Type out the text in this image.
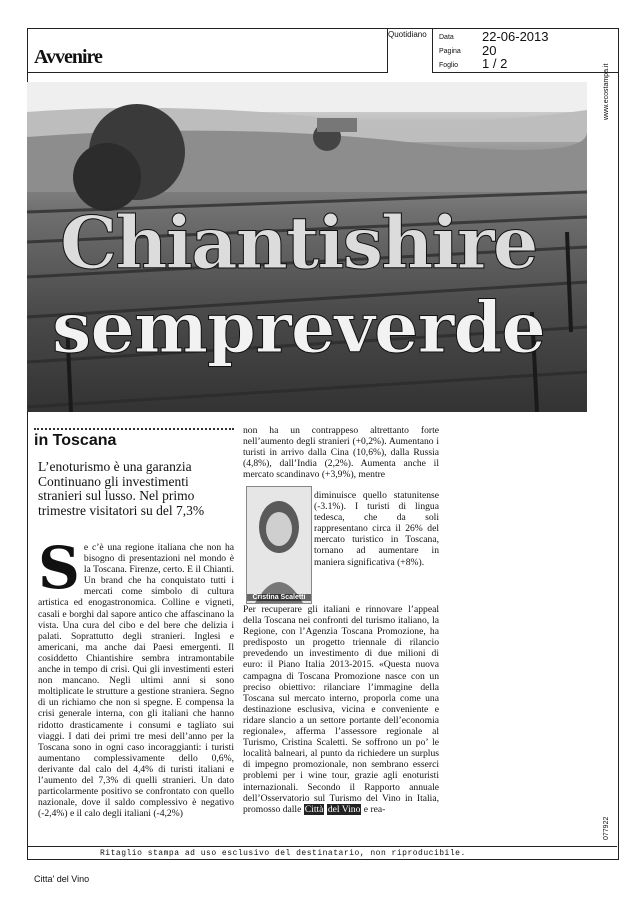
Avvenire
Quotidiano Data 22-06-2013
Pagina 20
Foglio 1 / 2
www.ecostampa.it
077922
Chiantishire
sempreverde
in Toscana
L’enoturismo è una garanzia Continuano gli investimenti stranieri sul lusso. Nel primo trimestre visitatori su del 7,3%
S e c’è una regione italiana che non ha bisogno di presentazioni nel mondo è la Toscana. Firenze, certo. E il Chianti. Un brand che ha conquistato tutti i mercati come simbolo di cultura artistica ed enogastronomica. Colline e vigneti, casali e borghi dal sapore antico che affascinano la vista. Una cura del cibo e del bere che delizia i palati. Soprattutto degli stranieri. Inglesi e americani, ma anche dai Paesi emergenti. Il cosiddetto Chiantishire sembra intramontabile anche in tempo di crisi. Qui gli investimenti esteri non mancano. Negli ultimi anni si sono moltiplicate le strutture a gestione straniera. Segno di un richiamo che non si spegne. E compensa la crisi generale interna, con gli italiani che hanno ridotto drasticamente i consumi e tagliato sui viaggi. I dati dei primi tre mesi dell’anno per la Toscana sono in ogni caso incoraggianti: i turisti aumentano complessivamente dello 0,6%, derivante dal calo del 4,4% di turisti italiani e l’aumento del 7,3% di quelli stranieri. Un dato particolarmente positivo se confrontato con quello nazionale, dove il saldo complessivo è negativo (-2,4%) e il calo degli italiani (-4,2%)

non ha un contrappeso altrettanto forte nell’aumento degli stranieri (+0,2%). Aumentano i turisti in arrivo dalla Cina (10,6%), dalla Russia (4,8%), dall’India (2,2%). Aumenta anche il mercato scandinavo (+3,9%), mentre

Cristina Scaletti

diminuisce quello statunitense (-3.1%). I turisti di lingua tedesca, che da soli rappresentano circa il 26% del mercato turistico in Toscana, tornano ad aumentare in maniera significativa (+8%).

Per recuperare gli italiani e rinnovare l’appeal della Toscana nei confronti del turismo italiano, la Regione, con l’Agenzia Toscana Promozione, ha predisposto un progetto triennale di rilancio prevedendo un investimento di due milioni di euro: il Piano Italia 2013-2015. «Questa nuova campagna di Toscana Promozione nasce con un preciso obiettivo: rilanciare l’immagine della Toscana sul mercato interno, proporla come una destinazione esclusiva, vicina e conveniente e ridare slancio a un settore portante dell’economia regionale», afferma l’assessore regionale al Turismo, Cristina Scaletti. Se soffrono un po’ le località balneari, al punto da richiedere un surplus di impegno promozionale, non sembrano esserci problemi per i wine tour, grazie agli enoturisti internazionali. Secondo il Rapporto annuale dell’Osservatorio sul Turismo del Vino in Italia, promosso dalle Città del Vino e rea-

Ritaglio stampa ad uso esclusivo del destinatario, non riproducibile.
Citta' del Vino
